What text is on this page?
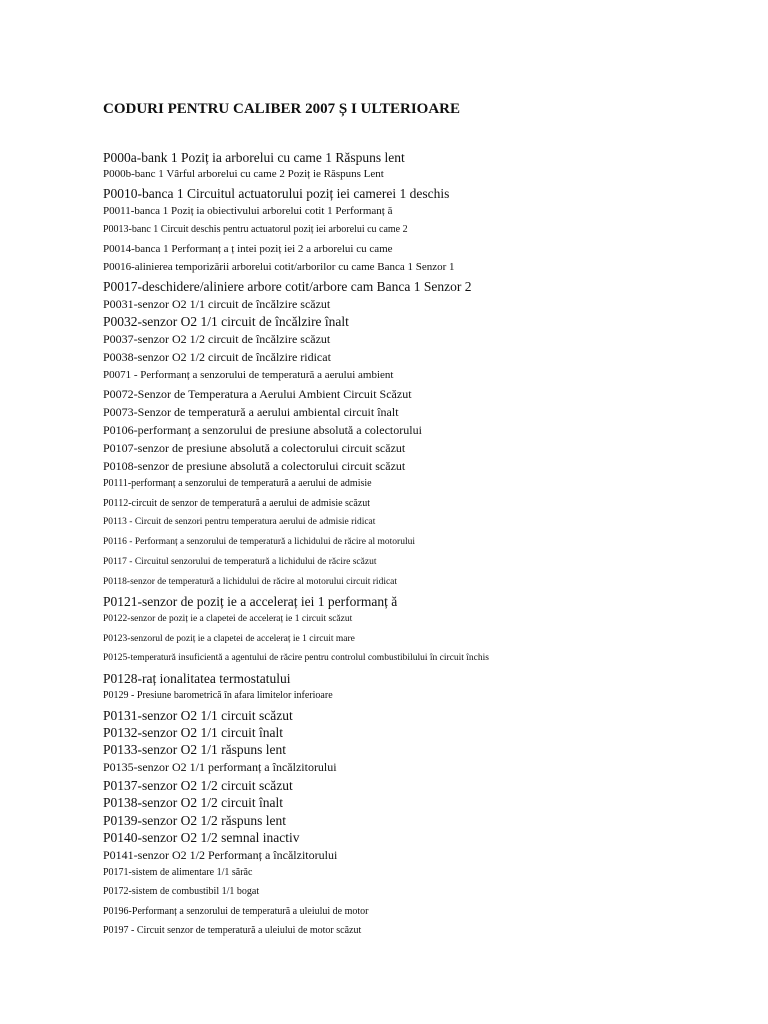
CODURI PENTRU CALIBER 2007 Ș I ULTERIOARE
P000a-bank 1 Poziț ia arborelui cu came 1 Răspuns lent
P000b-banc 1 Vârful arborelui cu came 2 Poziț ie Răspuns Lent
P0010-banca 1 Circuitul actuatorului poziț iei camerei 1 deschis
P0011-banca 1 Poziț ia obiectivului arborelui cotit 1 Performanț ă
P0013-banc 1 Circuit deschis pentru actuatorul poziț iei arborelui cu came 2
P0014-banca 1 Performanț a ț intei poziț iei 2 a arborelui cu came
P0016-alinierea temporizării arborelui cotit/arborilor cu came Banca 1 Senzor 1
P0017-deschidere/aliniere arbore cotit/arbore cam Banca 1 Senzor 2
P0031-senzor O2 1/1 circuit de încălzire scăzut
P0032-senzor O2 1/1 circuit de încălzire înalt
P0037-senzor O2 1/2 circuit de încălzire scăzut
P0038-senzor O2 1/2 circuit de încălzire ridicat
P0071 - Performanț a senzorului de temperatură a aerului ambient
P0072-Senzor de Temperatura a Aerului Ambient Circuit Scăzut
P0073-Senzor de temperatură a aerului ambiental circuit înalt
P0106-performanț a senzorului de presiune absolută a colectorului
P0107-senzor de presiune absolută a colectorului circuit scăzut
P0108-senzor de presiune absolută a colectorului circuit scăzut
P0111-performanț a senzorului de temperatură a aerului de admisie
P0112-circuit de senzor de temperatură a aerului de admisie scăzut
P0113 - Circuit de senzori pentru temperatura aerului de admisie ridicat
P0116 - Performanț a senzorului de temperatură a lichidului de răcire al motorului
P0117 - Circuitul senzorului de temperatură a lichidului de răcire scăzut
P0118-senzor de temperatură a lichidului de răcire al motorului circuit ridicat
P0121-senzor de poziț ie a acceleraț iei 1 performanț ă
P0122-senzor de poziț ie a clapetei de acceleraț ie 1 circuit scăzut
P0123-senzorul de poziț ie a clapetei de acceleraț ie 1 circuit mare
P0125-temperatură insuficientă a agentului de răcire pentru controlul combustibilului în circuit închis
P0128-raț ionalitatea termostatului
P0129 - Presiune barometrică în afara limitelor inferioare
P0131-senzor O2 1/1 circuit scăzut
P0132-senzor O2 1/1 circuit înalt
P0133-senzor O2 1/1 răspuns lent
P0135-senzor O2 1/1 performanț a încălzitorului
P0137-senzor O2 1/2 circuit scăzut
P0138-senzor O2 1/2 circuit înalt
P0139-senzor O2 1/2 răspuns lent
P0140-senzor O2 1/2 semnal inactiv
P0141-senzor O2 1/2 Performanț a încălzitorului
P0171-sistem de alimentare 1/1 sărăc
P0172-sistem de combustibil 1/1 bogat
P0196-Performanț a senzorului de temperatură a uleiului de motor
P0197 - Circuit senzor de temperatură a uleiului de motor scăzut
